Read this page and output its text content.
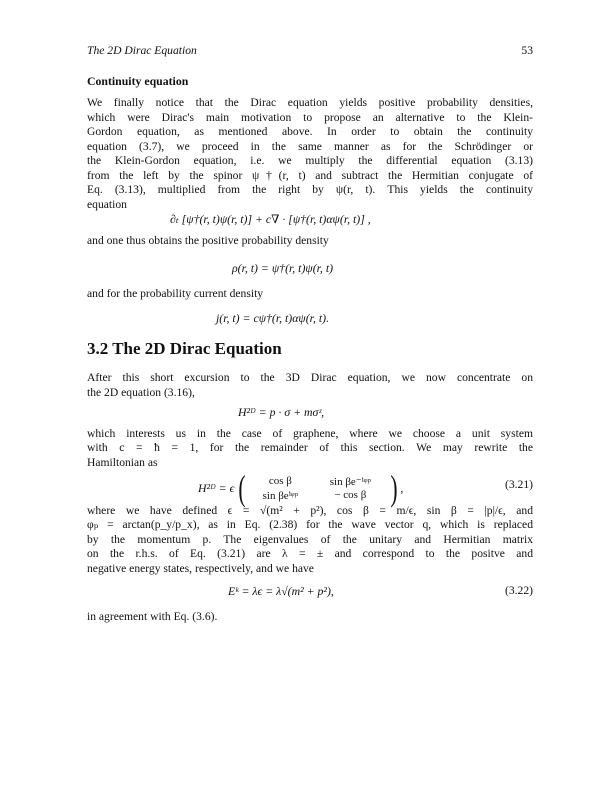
The 2D Dirac Equation	53
Continuity equation
We finally notice that the Dirac equation yields positive probability densities,
which were Dirac's main motivation to propose an alternative to the Klein-
Gordon equation, as mentioned above. In order to obtain the continuity
equation (3.7), we proceed in the same manner as for the Schrödinger or
the Klein-Gordon equation, i.e. we multiply the differential equation (3.13)
from the left by the spinor ψ†(r, t) and subtract the Hermitian conjugate of
Eq. (3.13), multiplied from the right by ψ(r, t). This yields the continuity
equation
∂ₜ [ψ†(r, t)ψ(r, t)] + c∇ · [ψ†(r, t)αψ(r, t)] ,
and one thus obtains the positive probability density
ρ(r, t) = ψ†(r, t)ψ(r, t)
and for the probability current density
j(r, t) = cψ†(r, t)αψ(r, t).
3.2 The 2D Dirac Equation
After this short excursion to the 3D Dirac equation, we now concentrate on
the 2D equation (3.16),
H²ᴰ = p · σ + mσᶻ,
which interests us in the case of graphene, where we choose a unit system
with c = ħ = 1, for the remainder of this section. We may rewrite the
Hamiltonian as
H²ᴰ = ϵ (	cos β	sin βe⁻ⁱᵠᵖ
sin βeⁱᵠᵖ	− cos β ) ,	(3.21)
where we have defined ϵ = √(m² + p²), cos β = m/ϵ, sin β = |p|/ϵ, and
φₚ = arctan(p_y/p_x), as in Eq. (2.38) for the wave vector q, which is replaced
by the momentum p. The eigenvalues of the unitary and Hermitian matrix
on the r.h.s. of Eq. (3.21) are λ = ± and correspond to the positve and
negative energy states, respectively, and we have
Eᵏ = λϵ = λ√(m² + p²),	(3.22)
in agreement with Eq. (3.6).
